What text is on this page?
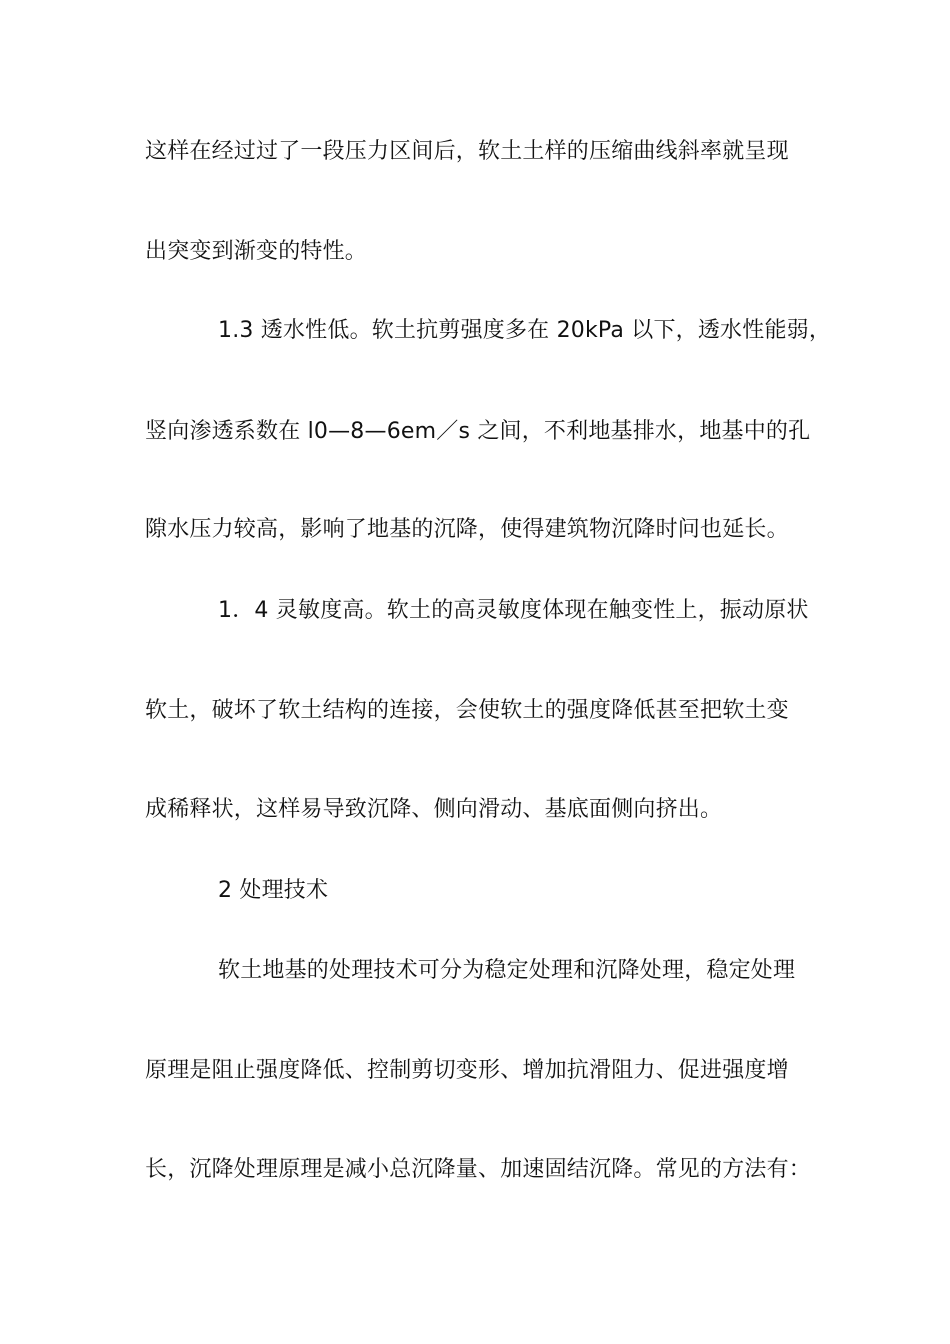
这样在经过过了一段压力区间后，软土土样的压缩曲线斜率就呈现
出突变到渐变的特性。
1.3 透水性低。软土抗剪强度多在 20kPa 以下，透水性能弱，
竖向渗透系数在 l0—8—6em／s 之间，不利地基排水，地基中的孔
隙水压力较高，影响了地基的沉降，使得建筑物沉降时问也延长。
1．4 灵敏度高。软土的高灵敏度体现在触变性上，振动原状
软土，破坏了软土结构的连接，会使软土的强度降低甚至把软土变
成稀释状，这样易导致沉降、侧向滑动、基底面侧向挤出。
2 处理技术
软土地基的处理技术可分为稳定处理和沉降处理，稳定处理
原理是阻止强度降低、控制剪切变形、增加抗滑阻力、促进强度增
长，沉降处理原理是减小总沉降量、加速固结沉降。常见的方法有：
